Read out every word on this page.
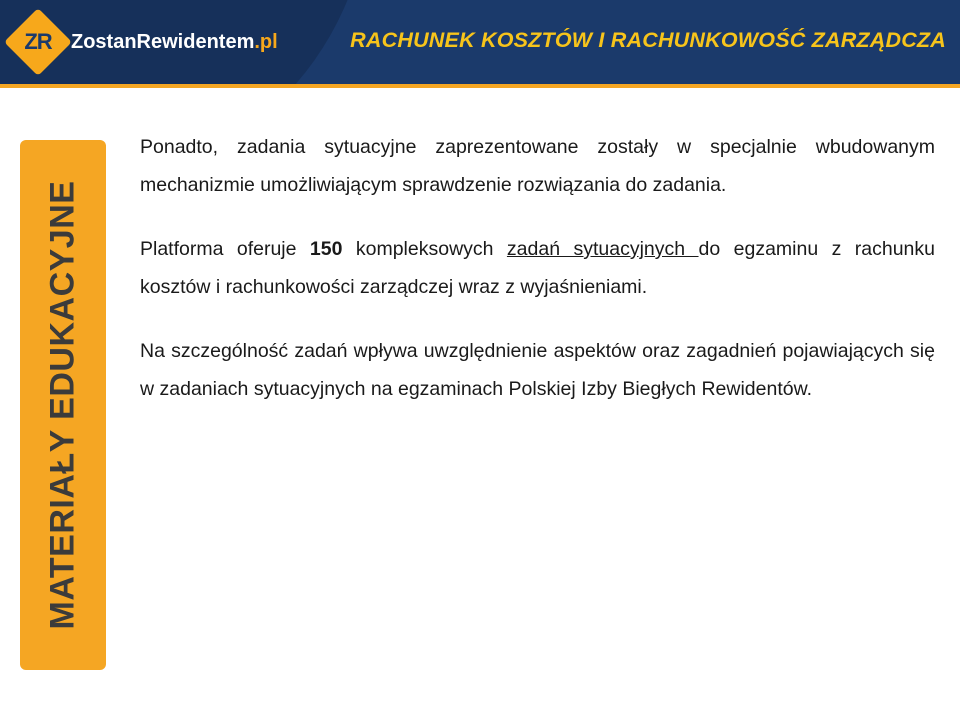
ZR ZostanRewidentem.pl	RACHUNEK KOSZTÓW I RACHUNKOWOŚĆ ZARZĄDCZA
MATERIAŁY EDUKACYJNE

Ponadto, zadania sytuacyjne zaprezentowane zostały w specjalnie wbudowanym mechanizmie umożliwiającym sprawdzenie rozwiązania do zadania.

Platforma oferuje 150 kompleksowych zadań sytuacyjnych do egzaminu z rachunku kosztów i rachunkowości zarządczej wraz z wyjaśnieniami.

Na szczególność zadań wpływa uwzględnienie aspektów oraz zagadnień pojawiających się w zadaniach sytuacyjnych na egzaminach Polskiej Izby Biegłych Rewidentów.
